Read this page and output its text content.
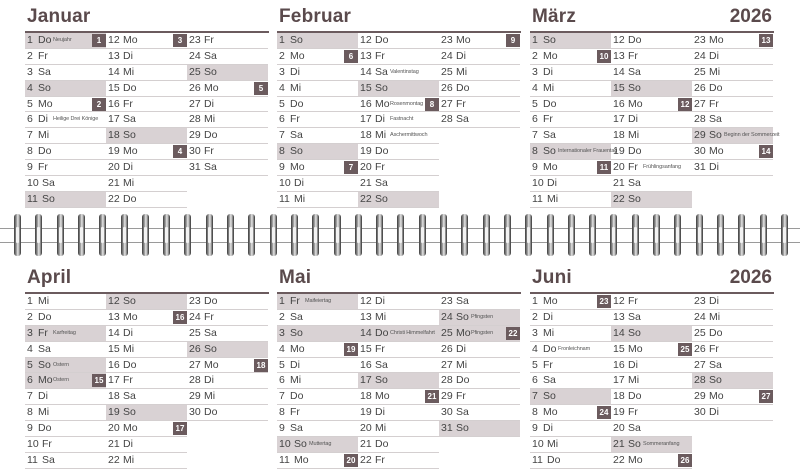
Januar
1 Do Neujahr	1
2 Fr
3 Sa
4 So
5 Mo	2
6 Di Heilige Drei Könige
7 Mi
8 Do
9 Fr
10 Sa
11 So
12 Mo	3
13 Di
14 Mi
15 Do
16 Fr
17 Sa
18 So
19 Mo	4
20 Di
21 Mi
22 Do
23 Fr
24 Sa
25 So
26 Mo	5
27 Di
28 Mi
29 Do
30 Fr
31 Sa
Februar
1 So
2 Mo	6
3 Di
4 Mi
5 Do
6 Fr
7 Sa
8 So
9 Mo	7
10 Di
11 Mi
12 Do
13 Fr
14 Sa Valentinstag
15 So
16 Mo Rosenmontag 8
17 Di Fastnacht
18 Mi Aschermittwoch
19 Do
20 Fr
21 Sa
22 So
23 Mo	9
24 Di
25 Mi
26 Do
27 Fr
28 Sa
März	2026
1 So
2 Mo	10
3 Di
4 Mi
5 Do
6 Fr
7 Sa
8 So Internationaler Frauentag
9 Mo	11
10 Di
11 Mi
12 Do
13 Fr
14 Sa
15 So
16 Mo	12
17 Di
18 Mi
19 Do
20 Fr Frühlingsanfang
21 Sa
22 So
23 Mo	13
24 Di
25 Mi
26 Do
27 Fr
28 Sa
29 So Beginn der Sommerzeit
30 Mo	14
31 Di
April
1 Mi
2 Do
3 Fr Karfreitag
4 Sa
5 So Ostern
6 Mo Ostern	15
7 Di
8 Mi
9 Do
10 Fr
11 Sa
12 So
13 Mo	16
14 Di
15 Mi
16 Do
17 Fr
18 Sa
19 So
20 Mo	17
21 Di
22 Mi
23 Do
24 Fr
25 Sa
26 So
27 Mo	18
28 Di
29 Mi
30 Do
Mai
1 Fr Maifeiertag
2 Sa
3 So
4 Mo	19
5 Di
6 Mi
7 Do
8 Fr
9 Sa
10 So Muttertag
11 Mo	20
12 Di
13 Mi
14 Do Christi Himmelfahrt
15 Fr
16 Sa
17 So
18 Mo	21
19 Di
20 Mi
21 Do
22 Fr
23 Sa
24 So Pfingsten
25 Mo Pfingsten	22
26 Di
27 Mi
28 Do
29 Fr
30 Sa
31 So
Juni	2026
1 Mo	23
2 Di
3 Mi
4 Do Fronleichnam
5 Fr
6 Sa
7 So
8 Mo	24
9 Di
10 Mi
11 Do
12 Fr
13 Sa
14 So
15 Mo	25
16 Di
17 Mi
18 Do
19 Fr
20 Sa
21 So Sommeranfang
22 Mo	26
23 Di
24 Mi
25 Do
26 Fr
27 Sa
28 So
29 Mo	27
30 Di
